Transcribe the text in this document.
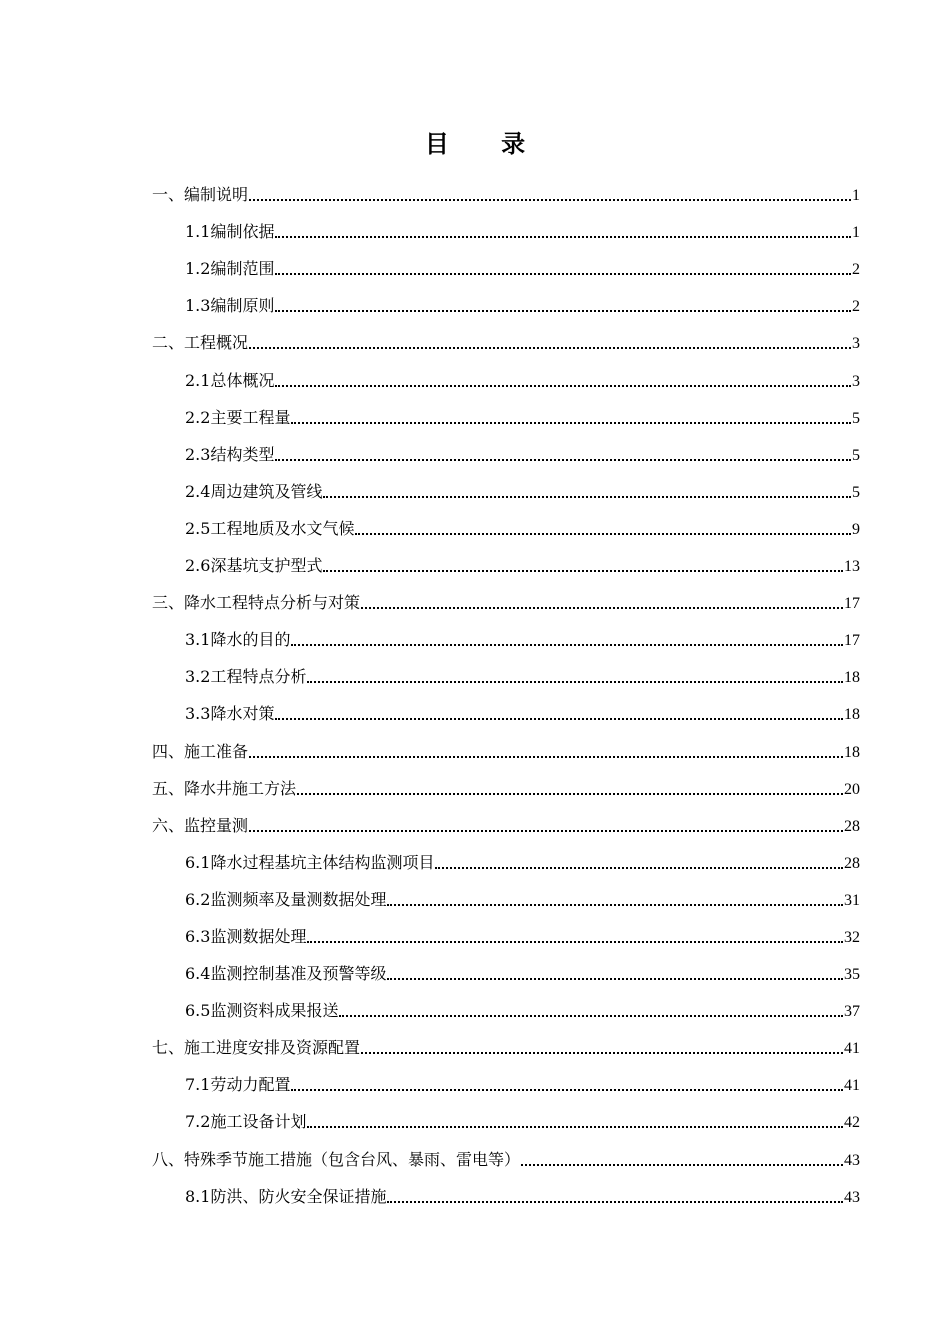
目 录
一、编制说明	1
1.1编制依据	1
1.2编制范围	2
1.3编制原则	2
二、工程概况	3
2.1总体概况	3
2.2主要工程量	5
2.3结构类型	5
2.4周边建筑及管线	5
2.5工程地质及水文气候	9
2.6深基坑支护型式	13
三、降水工程特点分析与对策	17
3.1降水的目的	17
3.2工程特点分析	18
3.3降水对策	18
四、施工准备	18
五、降水井施工方法	20
六、监控量测	28
6.1降水过程基坑主体结构监测项目	28
6.2监测频率及量测数据处理	31
6.3监测数据处理	32
6.4监测控制基准及预警等级	35
6.5监测资料成果报送	37
七、施工进度安排及资源配置	41
7.1劳动力配置	41
7.2施工设备计划	42
八、特殊季节施工措施（包含台风、暴雨、雷电等）	43
8.1防洪、防火安全保证措施	43
